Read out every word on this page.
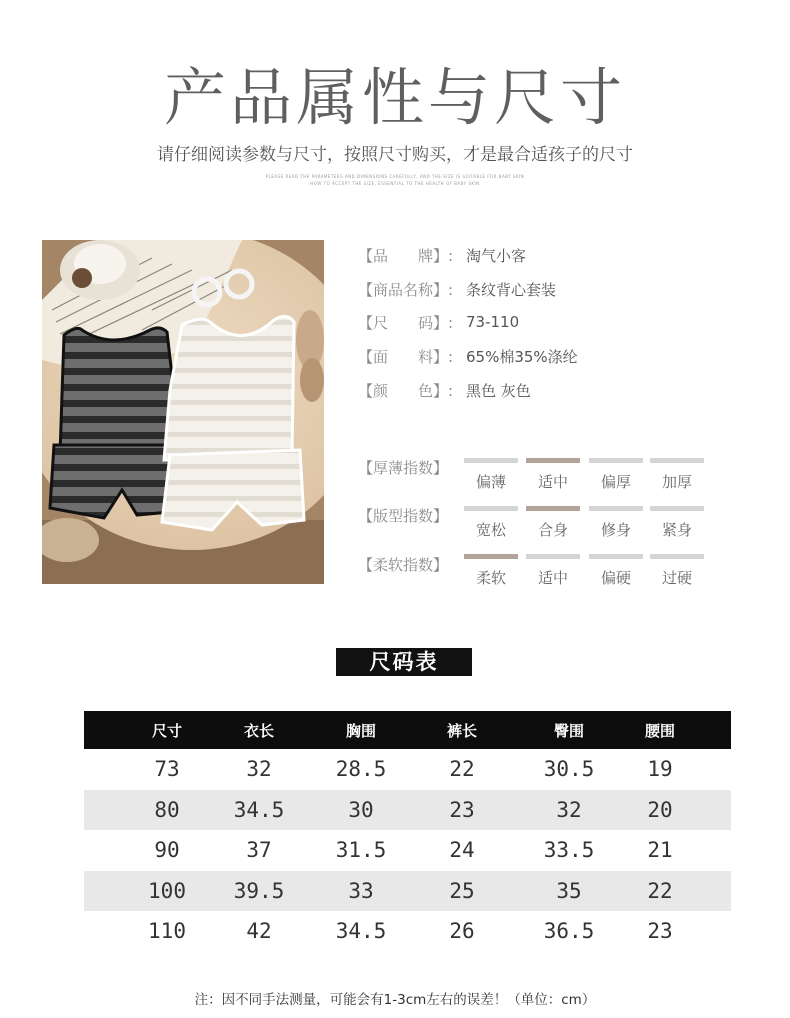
产品属性与尺寸
请仔细阅读参数与尺寸，按照尺寸购买，才是最合适孩子的尺寸
PLEASE READ THE PARAMETERS AND DIMENSIONS CAREFULLY, AND THE SIZE IS SUITABLE FOR BABY SKIN
HOW TO ACCEPT THE SIZE, ESSENTIAL TO THE HEALTH OF BABY SKIN
【品　　牌】: 淘气小客
【商品名称】: 条纹背心套装
【尺　　码】: 73-110
【面　　料】: 65%棉35%涤纶
【颜　　色】: 黑色 灰色
【厚薄指数】
偏薄	适中	偏厚	加厚
【版型指数】
宽松	合身	修身	紧身
【柔软指数】
柔软	适中	偏硬	过硬
尺码表
尺寸	衣长	胸围	裤长	臀围	腰围
73	32	28.5	22	30.5	19
80	34.5	30	23	32	20
90	37	31.5	24	33.5	21
100	39.5	33	25	35	22
110	42	34.5	26	36.5	23
注：因不同手法测量，可能会有1-3cm左右的误差！（单位：cm）
